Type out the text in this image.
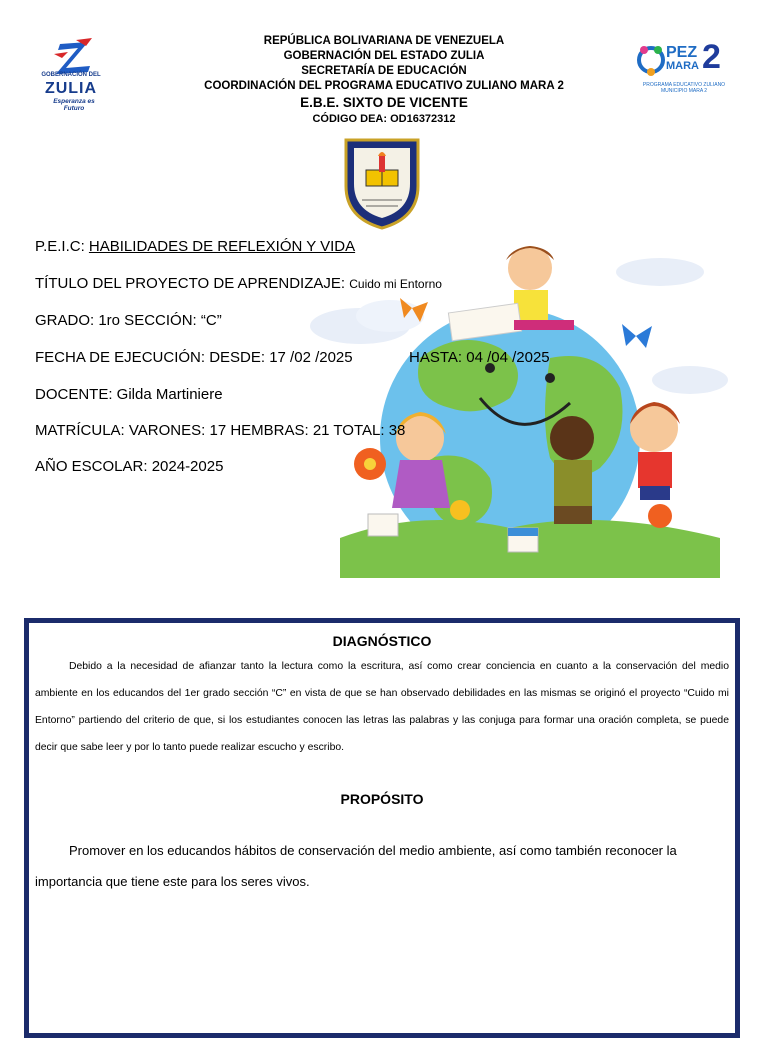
GOBERNACIÓN DEL
ZULIA
Esperanza es Futuro
REPÚBLICA BOLIVARIANA DE VENEZUELA
GOBERNACIÓN DEL ESTADO ZULIA
SECRETARÍA DE EDUCACIÓN
COORDINACIÓN DEL PROGRAMA EDUCATIVO ZULIANO MARA 2
E.B.E. SIXTO DE VICENTE
CÓDIGO DEA: OD16372312
PEZ
MARA 2
PROGRAMA EDUCATIVO ZULIANO MUNICIPIO MARA 2
P.E.I.C: HABILIDADES DE REFLEXIÓN Y VIDA
TÍTULO DEL PROYECTO DE APRENDIZAJE: Cuido mi Entorno
GRADO: 1ro SECCIÓN: “C”
FECHA DE EJECUCIÓN: DESDE: 17 /02 /2025	HASTA: 04 /04 /2025
DOCENTE: Gilda Martiniere
MATRÍCULA: VARONES: 17 HEMBRAS: 21 TOTAL: 38
AÑO ESCOLAR: 2024-2025
DIAGNÓSTICO

Debido a la necesidad de afianzar tanto la lectura como la escritura, así como crear conciencia en cuanto a la conservación del medio ambiente en los educandos del 1er grado sección “C” en vista de que se han observado debilidades en las mismas se originó el proyecto “Cuido mi Entorno” partiendo del criterio de que, si los estudiantes conocen las letras las palabras y las conjuga para formar una oración completa, se puede decir que sabe leer y por lo tanto puede realizar escucho y escribo.

PROPÓSITO

Promover en los educandos hábitos de conservación del medio ambiente, así como también reconocer la importancia que tiene este para los seres vivos.
